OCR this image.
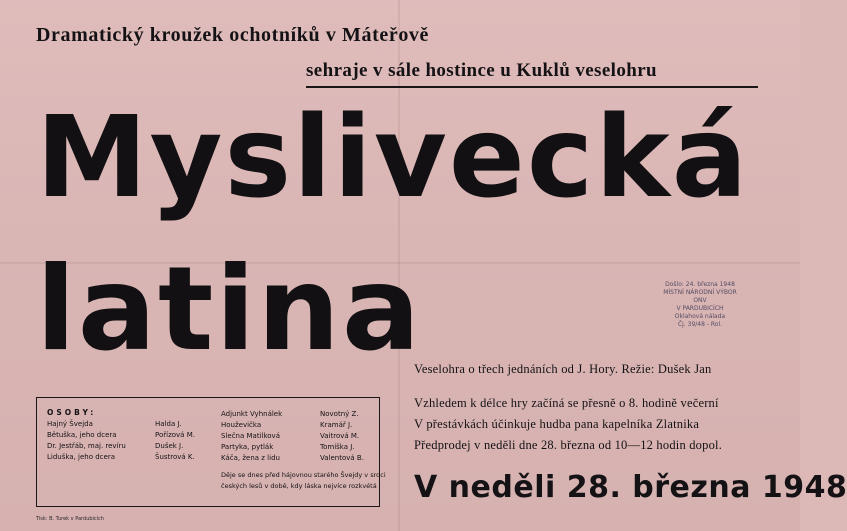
Dramatický kroužek ochotníků v Máteřově
sehraje v sále hostince u Kuklů veselohru
Myslivecká
latina	Došlo: 24. března 1948
MÍSTNÍ NÁRODNÍ VÝBOR
ONV
V PARDUBICÍCH
Oklahová nálada
Čj. 39/48 - Rol.
Veselohra o třech jednáních od J. Hory. Režie: Dušek Jan
Vzhledem k délce hry začíná se přesně o 8. hodině večerní
V přestávkách účinkuje hudba pana kapelníka Zlatnika
Předprodej v neděli dne 28. března od 10—12 hodin dopol.
V neděli 28. března 1948
OSOBY:
Hajný Švejda	Halda J.
Bětuška, jeho dcera	Pořízová M.
Dr. Jestřáb, maj. revíru	Dušek J.
Liduška, jeho dcera	Šustrová K.
Adjunkt Vyhnálek	Novotný Z.
Houževička	Kramář J.
Slečna Matilková	Vaitrová M.
Partyka, pytlák	Tomíška J.
Káča, žena z lidu	Valentová B.
Děje se dnes před hájovnou starého Švejdy v srdci
českých lesů v době, kdy láska nejvíce rozkvétá
Tisk: B. Turek v Pardubicích
